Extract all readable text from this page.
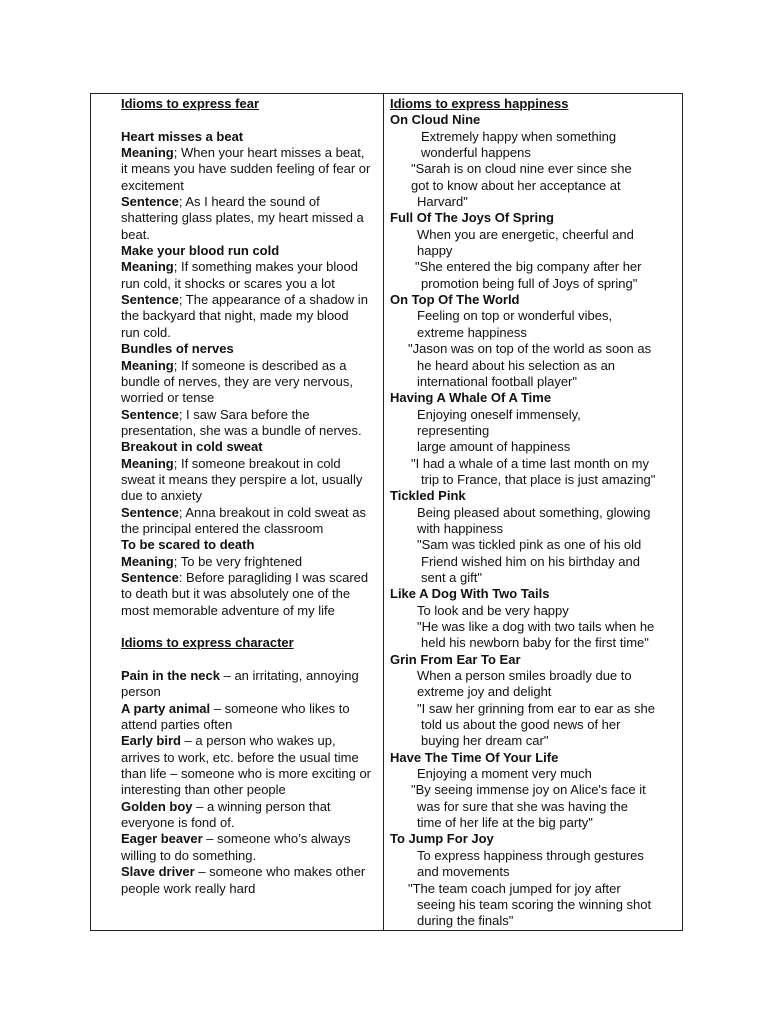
Idioms to express fear
Heart misses a beat
Meaning; When your heart misses a beat, it means you have sudden feeling of fear or excitement
Sentence; As I heard the sound of shattering glass plates, my heart missed a beat.
Make your blood run cold
Meaning; If something makes your blood run cold, it shocks or scares you a lot
Sentence; The appearance of a shadow in the backyard that night, made my blood run cold.
Bundles of nerves
Meaning; If someone is described as a bundle of nerves, they are very nervous, worried or tense
Sentence; I saw Sara before the presentation, she was a bundle of nerves.
Breakout in cold sweat
Meaning; If someone breakout in cold sweat it means they perspire a lot, usually due to anxiety
Sentence; Anna breakout in cold sweat as the principal entered the classroom
To be scared to death
Meaning; To be very frightened
Sentence: Before paragliding I was scared to death but it was absolutely one of the most memorable adventure of my life
Idioms to express character
Pain in the neck – an irritating, annoying person
A party animal – someone who likes to attend parties often
Early bird – a person who wakes up, arrives to work, etc. before the usual time than life – someone who is more exciting or interesting than other people
Golden boy – a winning person that everyone is fond of.
Eager beaver – someone who’s always willing to do something.
Slave driver – someone who makes other people work really hard

Idioms to express happiness
On Cloud Nine
Extremely happy when something
wonderful happens
"Sarah is on cloud nine ever since she
got to know about her acceptance at
Harvard"
Full Of The Joys Of Spring
When you are energetic, cheerful and
happy
"She entered the big company after her
promotion being full of Joys of spring"
On Top Of The World
Feeling on top or wonderful vibes,
extreme happiness
"Jason was on top of the world as soon as
he heard about his selection as an
international football player"
Having A Whale Of A Time
Enjoying oneself immensely,
representing
large amount of happiness
"I had a whale of a time last month on my
trip to France, that place is just amazing"
Tickled Pink
Being pleased about something, glowing
with happiness
"Sam was tickled pink as one of his old
Friend wished him on his birthday and
sent a gift"
Like A Dog With Two Tails
To look and be very happy
"He was like a dog with two tails when he
held his newborn baby for the first time"
Grin From Ear To Ear
When a person smiles broadly due to
extreme joy and delight
"I saw her grinning from ear to ear as she
told us about the good news of her
buying her dream car"
Have The Time Of Your Life
Enjoying a moment very much
"By seeing immense joy on Alice's face it
was for sure that she was having the
time of her life at the big party"
To Jump For Joy
To express happiness through gestures
and movements
"The team coach jumped for joy after
seeing his team scoring the winning shot
during the finals"
